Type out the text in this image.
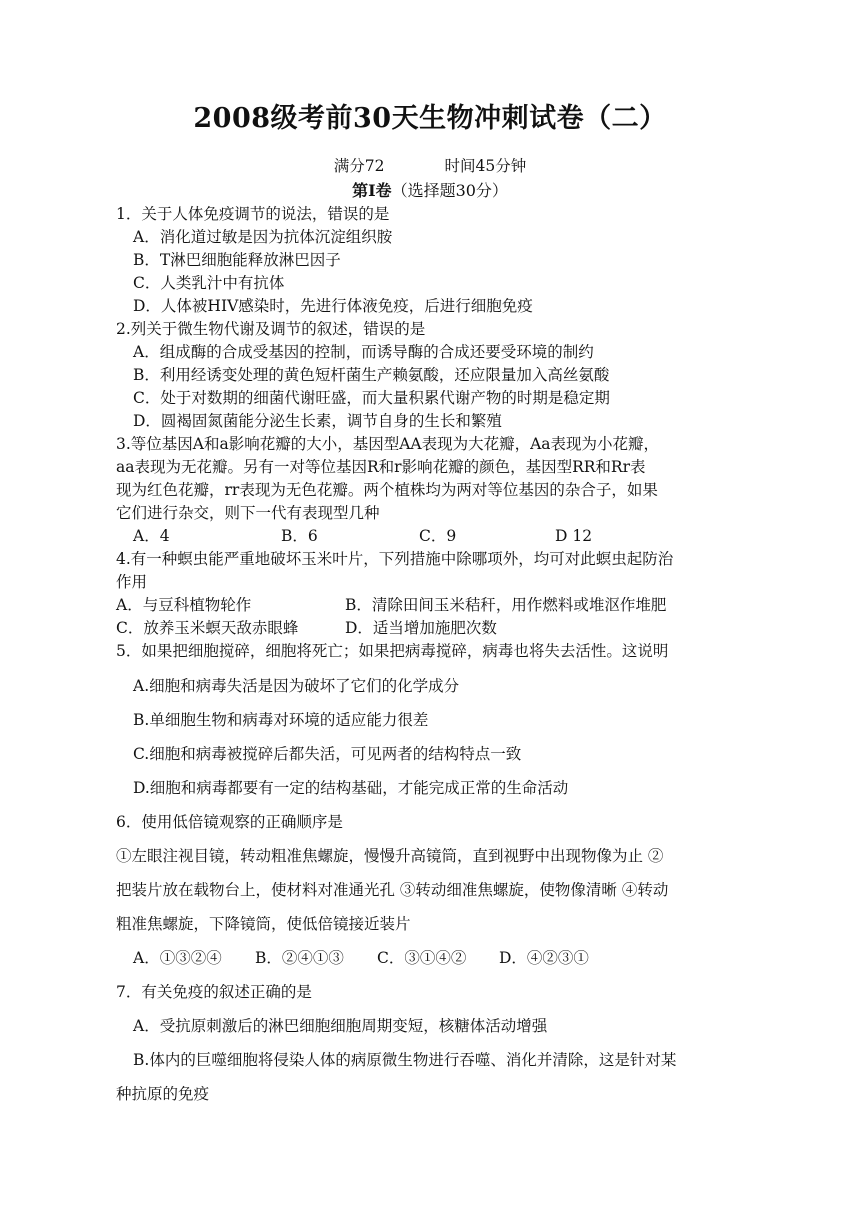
2008级考前30天生物冲刺试卷（二）
满分72	时间45分钟
第Ⅰ卷（选择题30分）
1．关于人体免疫调节的说法，错误的是
A．消化道过敏是因为抗体沉淀组织胺
B．T淋巴细胞能释放淋巴因子
C．人类乳汁中有抗体
D．人体被HIV感染时，先进行体液免疫，后进行细胞免疫
2.列关于微生物代谢及调节的叙述，错误的是
A．组成酶的合成受基因的控制，而诱导酶的合成还要受环境的制约
B．利用经诱变处理的黄色短杆菌生产赖氨酸，还应限量加入高丝氨酸
C．处于对数期的细菌代谢旺盛，而大量积累代谢产物的时期是稳定期
D．圆褐固氮菌能分泌生长素，调节自身的生长和繁殖
3.等位基因A和a影响花瓣的大小，基因型AA表现为大花瓣，Aa表现为小花瓣，
aa表现为无花瓣。另有一对等位基因R和r影响花瓣的颜色，基因型RR和Rr表
现为红色花瓣，rr表现为无色花瓣。两个植株均为两对等位基因的杂合子，如果
它们进行杂交，则下一代有表现型几种
A．4	B．6	C．9	D 12
4.有一种螟虫能严重地破坏玉米叶片，下列措施中除哪项外，均可对此螟虫起防治
作用
A．与豆科植物轮作	B．清除田间玉米秸秆，用作燃料或堆沤作堆肥
C．放养玉米螟天敌赤眼蜂	D．适当增加施肥次数
5．如果把细胞搅碎，细胞将死亡；如果把病毒搅碎，病毒也将失去活性。这说明
A.细胞和病毒失活是因为破坏了它们的化学成分
B.单细胞生物和病毒对环境的适应能力很差
C.细胞和病毒被搅碎后都失活，可见两者的结构特点一致
D.细胞和病毒都要有一定的结构基础，才能完成正常的生命活动
6．使用低倍镜观察的正确顺序是
①左眼注视目镜，转动粗准焦螺旋，慢慢升高镜筒，直到视野中出现物像为止 ②
把装片放在载物台上，使材料对准通光孔 ③转动细准焦螺旋，使物像清晰 ④转动
粗准焦螺旋，下降镜筒，使低倍镜接近装片
A．①③②④ B．②④①③ C．③①④② D．④②③①
7．有关免疫的叙述正确的是
A．受抗原刺激后的淋巴细胞细胞周期变短，核糖体活动增强
B.体内的巨噬细胞将侵染人体的病原微生物进行吞噬、消化并清除，这是针对某
种抗原的免疫
